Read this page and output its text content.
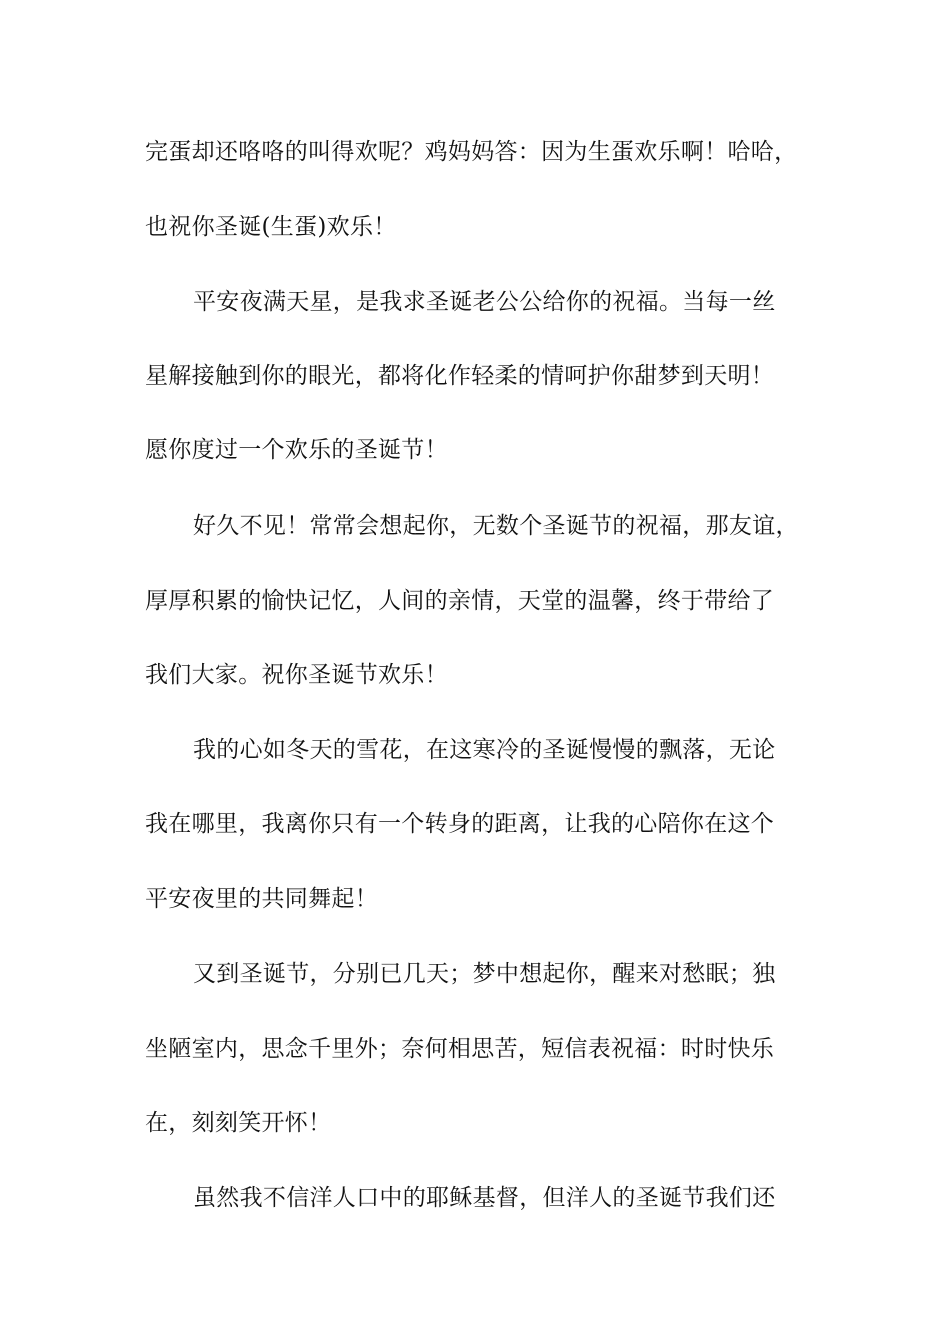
完蛋却还咯咯的叫得欢呢？鸡妈妈答：因为生蛋欢乐啊！哈哈，
也祝你圣诞(生蛋)欢乐！
平安夜满天星，是我求圣诞老公公给你的祝福。当每一丝
星解接触到你的眼光，都将化作轻柔的情呵护你甜梦到天明！
愿你度过一个欢乐的圣诞节！
好久不见！常常会想起你，无数个圣诞节的祝福，那友谊，
厚厚积累的愉快记忆，人间的亲情，天堂的温馨，终于带给了
我们大家。祝你圣诞节欢乐！
我的心如冬天的雪花，在这寒冷的圣诞慢慢的飘落，无论
我在哪里，我离你只有一个转身的距离，让我的心陪你在这个
平安夜里的共同舞起！
又到圣诞节，分别已几天；梦中想起你，醒来对愁眠；独
坐陋室内，思念千里外；奈何相思苦，短信表祝福：时时快乐
在，刻刻笑开怀！
虽然我不信洋人口中的耶稣基督，但洋人的圣诞节我们还
